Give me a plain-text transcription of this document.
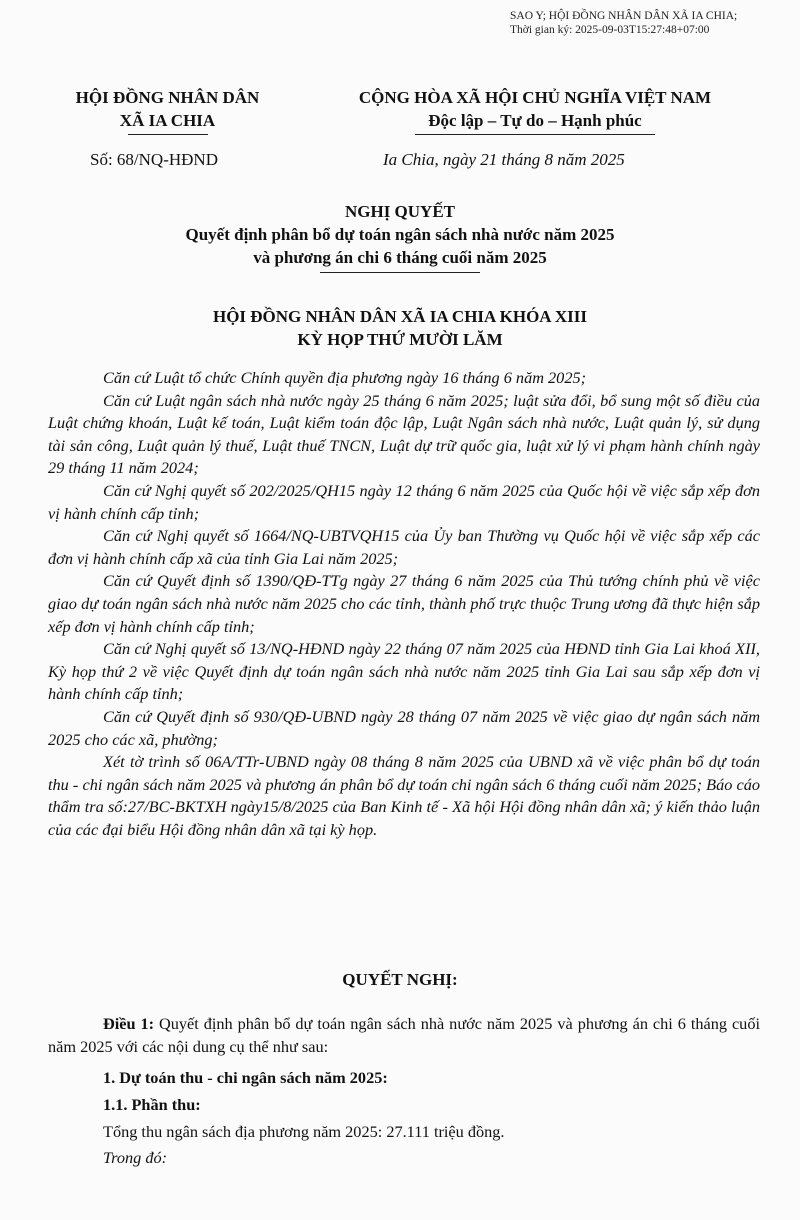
SAO Y; HỘI ĐỒNG NHÂN DÂN XÃ IA CHIA;
Thời gian ký: 2025-09-03T15:27:48+07:00
HỘI ĐỒNG NHÂN DÂN
XÃ IA CHIA
CỘNG HÒA XÃ HỘI CHỦ NGHĨA VIỆT NAM
Độc lập – Tự do – Hạnh phúc
Số: 68/NQ-HĐND	Ia Chia, ngày 21 tháng 8 năm 2025
NGHỊ QUYẾT
Quyết định phân bổ dự toán ngân sách nhà nước năm 2025
và phương án chi 6 tháng cuối năm 2025
HỘI ĐỒNG NHÂN DÂN XÃ IA CHIA KHÓA XIII
KỲ HỌP THỨ MƯỜI LĂM

Căn cứ Luật tổ chức Chính quyền địa phương ngày 16 tháng 6 năm 2025;

Căn cứ Luật ngân sách nhà nước ngày 25 tháng 6 năm 2025; luật sửa đổi, bổ sung một số điều của Luật chứng khoán, Luật kế toán, Luật kiểm toán độc lập, Luật Ngân sách nhà nước, Luật quản lý, sử dụng tài sản công, Luật quản lý thuế, Luật thuế TNCN, Luật dự trữ quốc gia, luật xử lý vi phạm hành chính ngày 29 tháng 11 năm 2024;

Căn cứ Nghị quyết số 202/2025/QH15 ngày 12 tháng 6 năm 2025 của Quốc hội về việc sắp xếp đơn vị hành chính cấp tỉnh;

Căn cứ Nghị quyết số 1664/NQ-UBTVQH15 của Ủy ban Thường vụ Quốc hội về việc sắp xếp các đơn vị hành chính cấp xã của tỉnh Gia Lai năm 2025;

Căn cứ Quyết định số 1390/QĐ-TTg ngày 27 tháng 6 năm 2025 của Thủ tướng chính phủ về việc giao dự toán ngân sách nhà nước năm 2025 cho các tỉnh, thành phố trực thuộc Trung ương đã thực hiện sắp xếp đơn vị hành chính cấp tỉnh;

Căn cứ Nghị quyết số 13/NQ-HĐND ngày 22 tháng 07 năm 2025 của HĐND tỉnh Gia Lai khoá XII, Kỳ họp thứ 2 về việc Quyết định dự toán ngân sách nhà nước năm 2025 tỉnh Gia Lai sau sắp xếp đơn vị hành chính cấp tỉnh;

Căn cứ Quyết định số 930/QĐ-UBND ngày 28 tháng 07 năm 2025 về việc giao dự ngân sách năm 2025 cho các xã, phường;

Xét tờ trình số 06A/TTr-UBND ngày 08 tháng 8 năm 2025 của UBND xã về việc phân bổ dự toán thu - chi ngân sách năm 2025 và phương án phân bổ dự toán chi ngân sách 6 tháng cuối năm 2025; Báo cáo thẩm tra số:27/BC-BKTXH ngày15/8/2025 của Ban Kinh tế - Xã hội Hội đồng nhân dân xã; ý kiến thảo luận của các đại biểu Hội đồng nhân dân xã tại kỳ họp.

QUYẾT NGHỊ:

Điều 1: Quyết định phân bổ dự toán ngân sách nhà nước năm 2025 và phương án chi 6 tháng cuối năm 2025 với các nội dung cụ thể như sau:

1. Dự toán thu - chi ngân sách năm 2025:
1.1. Phần thu:
Tổng thu ngân sách địa phương năm 2025: 27.111 triệu đồng.
Trong đó:
